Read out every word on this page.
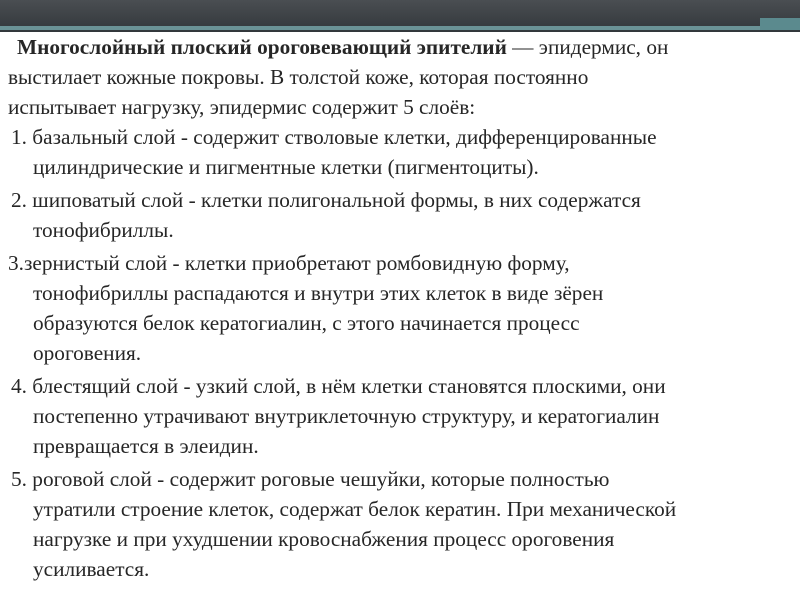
Многослойный плоский ороговевающий эпителий — эпидермис, он
выстилает кожные покровы. В толстой коже, которая постоянно
испытывает нагрузку, эпидермис содержит 5 слоёв:
1. базальный слой - содержит стволовые клетки, дифференцированные
цилиндрические и пигментные клетки (пигментоциты).
2. шиповатый слой - клетки полигональной формы, в них содержатся
тонофибриллы.
3.зернистый слой - клетки приобретают ромбовидную форму,
тонофибриллы распадаются и внутри этих клеток в виде зёрен
образуются белок кератогиалин, с этого начинается процесс
ороговения.
4. блестящий слой - узкий слой, в нём клетки становятся плоскими, они
постепенно утрачивают внутриклеточную структуру, и кератогиалин
превращается в элеидин.
5. роговой слой - содержит роговые чешуйки, которые полностью
утратили строение клеток, содержат белок кератин. При механической
нагрузке и при ухудшении кровоснабжения процесс ороговения
усиливается.
